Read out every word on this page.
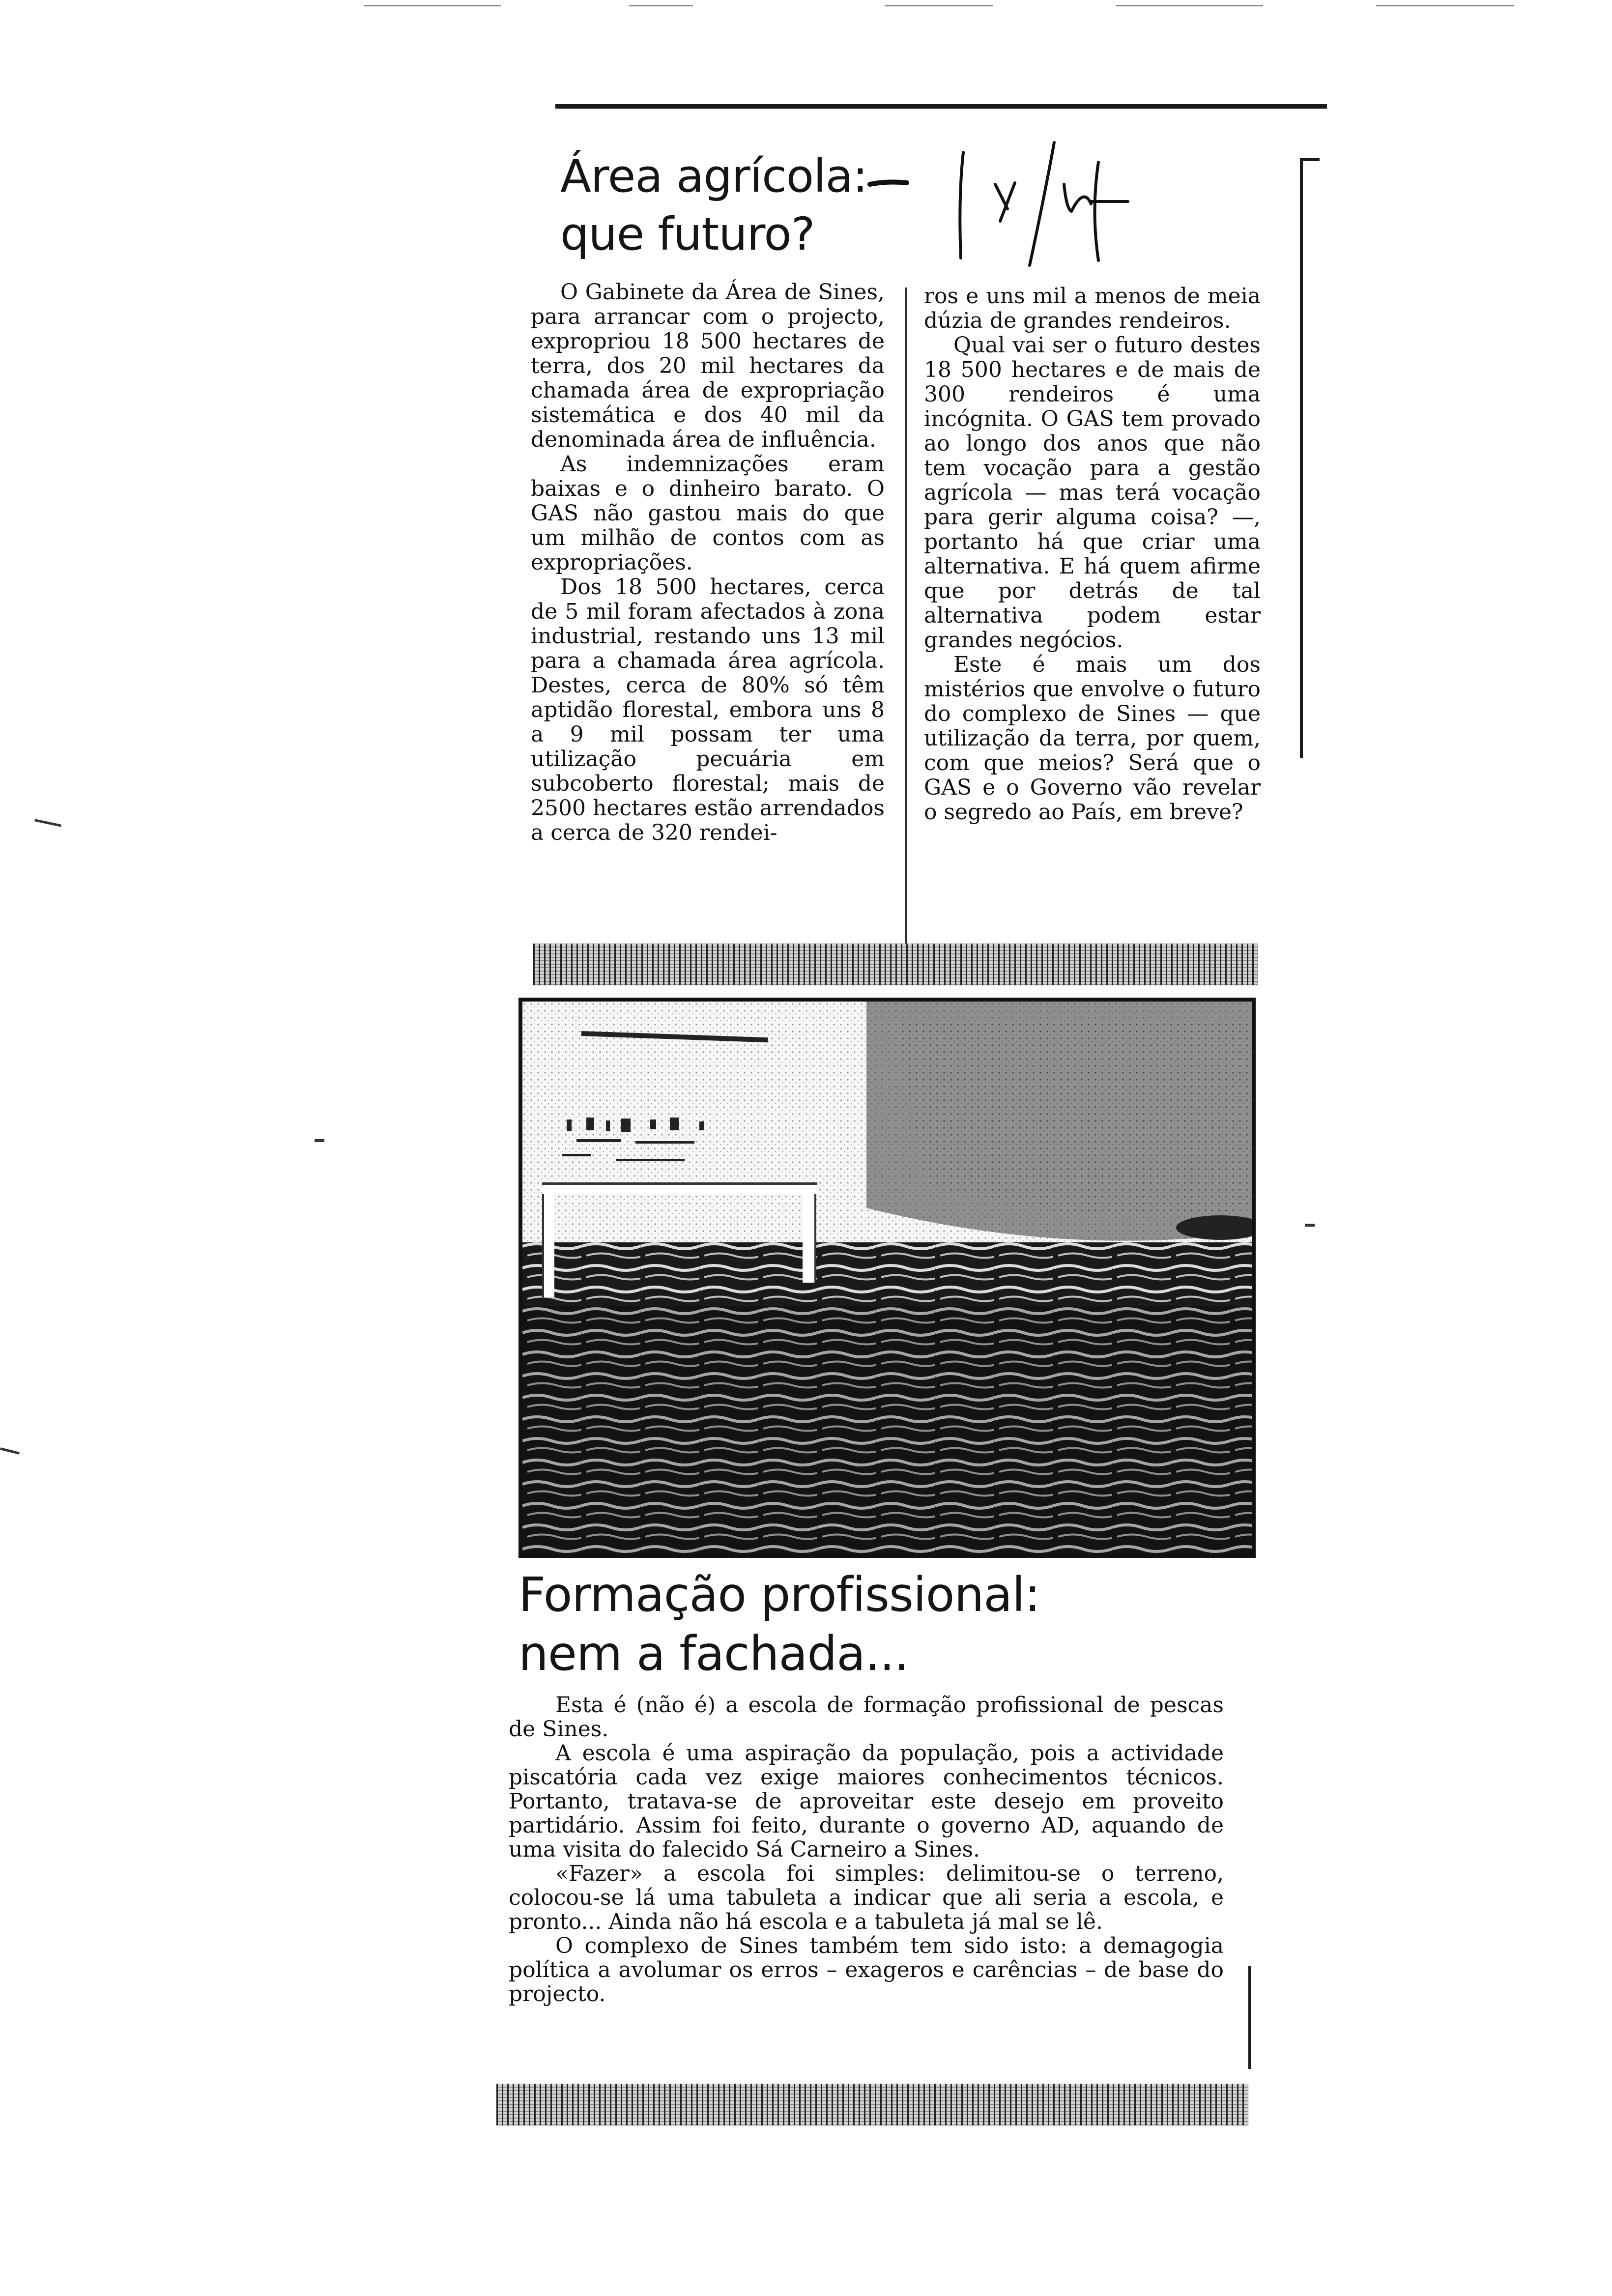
Área agrícola:
que futuro?

O Gabinete da Área de Sines, para arrancar com o projecto, expropriou 18 500 hectares de terra, dos 20 mil hectares da chamada área de expropriação sistemática e dos 40 mil da denominada área de influência.

As indemnizações eram baixas e o dinheiro barato. O GAS não gastou mais do que um milhão de contos com as expropriações.

Dos 18 500 hectares, cerca de 5 mil foram afectados à zona industrial, restando uns 13 mil para a chamada área agrícola. Destes, cerca de 80% só têm aptidão florestal, embora uns 8 a 9 mil possam ter uma utilização pecuária em subcoberto florestal; mais de 2500 hectares estão arrendados a cerca de 320 rendei-

ros e uns mil a menos de meia dúzia de grandes rendeiros.

Qual vai ser o futuro destes 18 500 hectares e de mais de 300 rendeiros é uma incógnita. O GAS tem provado ao longo dos anos que não tem vocação para a gestão agrícola — mas terá vocação para gerir alguma coisa? —, portanto há que criar uma alternativa. E há quem afirme que por detrás de tal alternativa podem estar grandes negócios.

Este é mais um dos mistérios que envolve o futuro do complexo de Sines — que utilização da terra, por quem, com que meios? Será que o GAS e o Governo vão revelar o segredo ao País, em breve?

Formação profissional:
nem a fachada...

Esta é (não é) a escola de formação profissional de pescas de Sines.

A escola é uma aspiração da população, pois a actividade piscatória cada vez exige maiores conhecimentos técnicos. Portanto, tratava-se de aproveitar este desejo em proveito partidário. Assim foi feito, durante o governo AD, aquando de uma visita do falecido Sá Carneiro a Sines.

«Fazer» a escola foi simples: delimitou-se o terreno, colocou-se lá uma tabuleta a indicar que ali seria a escola, e pronto... Ainda não há escola e a tabuleta já mal se lê.

O complexo de Sines também tem sido isto: a demagogia política a avolumar os erros – exageros e carências – de base do projecto.
